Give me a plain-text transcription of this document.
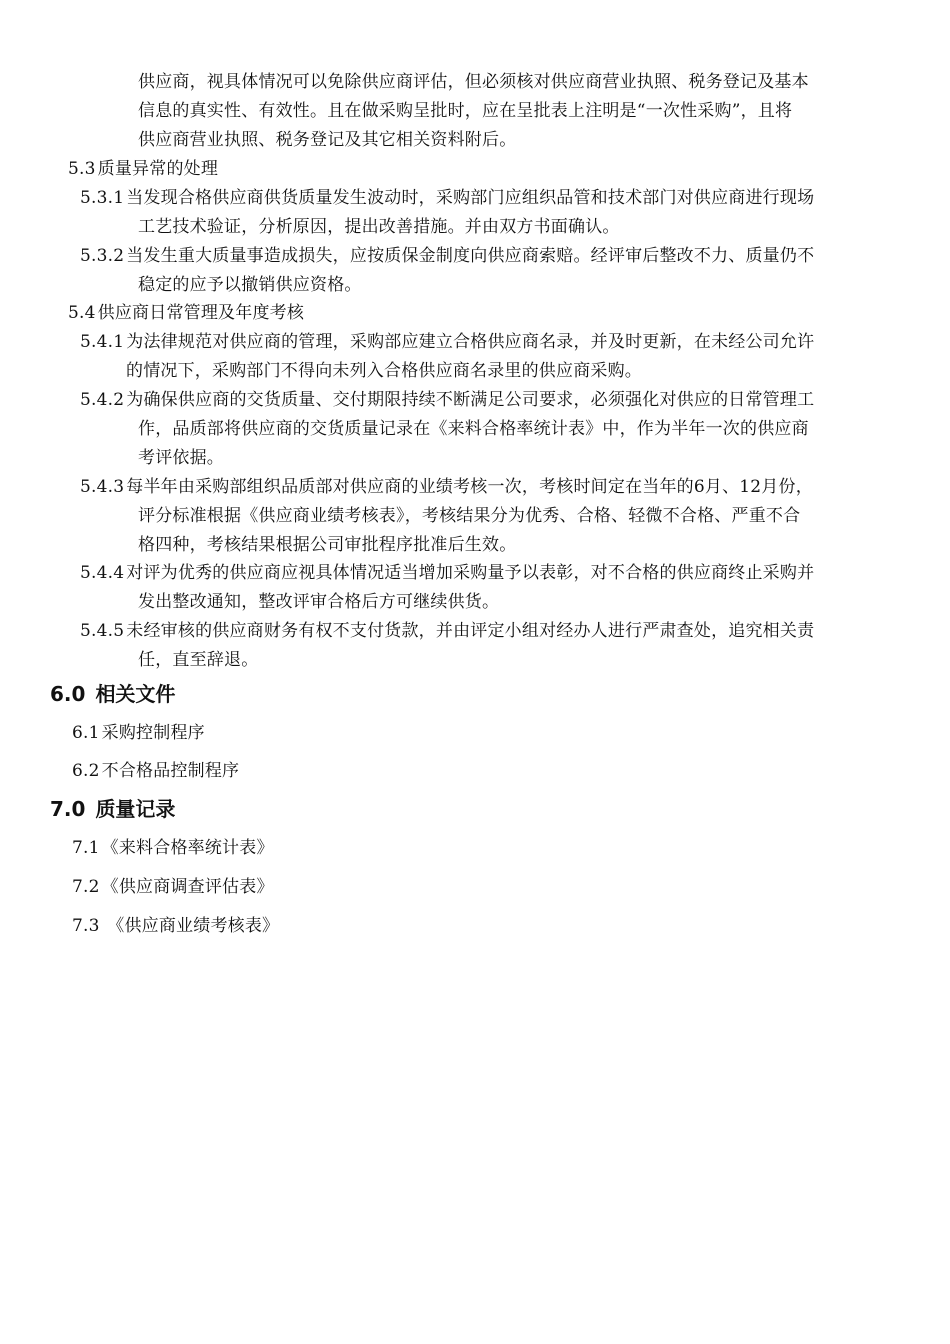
供应商，视具体情况可以免除供应商评估，但必须核对供应商营业执照、税务登记及基本
信息的真实性、有效性。且在做采购呈批时，应在呈批表上注明是“一次性采购”，且将
供应商营业执照、税务登记及其它相关资料附后。
5.3 质量异常的处理
5.3.1 当发现合格供应商供货质量发生波动时，采购部门应组织品管和技术部门对供应商进行现场
工艺技术验证，分析原因，提出改善措施。并由双方书面确认。
5.3.2 当发生重大质量事造成损失，应按质保金制度向供应商索赔。经评审后整改不力、质量仍不
稳定的应予以撤销供应资格。
5.4 供应商日常管理及年度考核
5.4.1 为法律规范对供应商的管理，采购部应建立合格供应商名录，并及时更新，在未经公司允许
的情况下，采购部门不得向未列入合格供应商名录里的供应商采购。
5.4.2 为确保供应商的交货质量、交付期限持续不断满足公司要求，必须强化对供应的日常管理工
作，品质部将供应商的交货质量记录在《来料合格率统计表》中，作为半年一次的供应商
考评依据。
5.4.3 每半年由采购部组织品质部对供应商的业绩考核一次，考核时间定在当年的6月、12月份，
评分标准根据《供应商业绩考核表》，考核结果分为优秀、合格、轻微不合格、严重不合
格四种，考核结果根据公司审批程序批准后生效。
5.4.4 对评为优秀的供应商应视具体情况适当增加采购量予以表彰，对不合格的供应商终止采购并
发出整改通知，整改评审合格后方可继续供货。
5.4.5 未经审核的供应商财务有权不支付货款，并由评定小组对经办人进行严肃查处，追究相关责
任，直至辞退。
6.0 相关文件
6.1 采购控制程序
6.2 不合格品控制程序
7.0 质量记录
7.1 《来料合格率统计表》
7.2 《供应商调查评估表》
7.3 《供应商业绩考核表》
